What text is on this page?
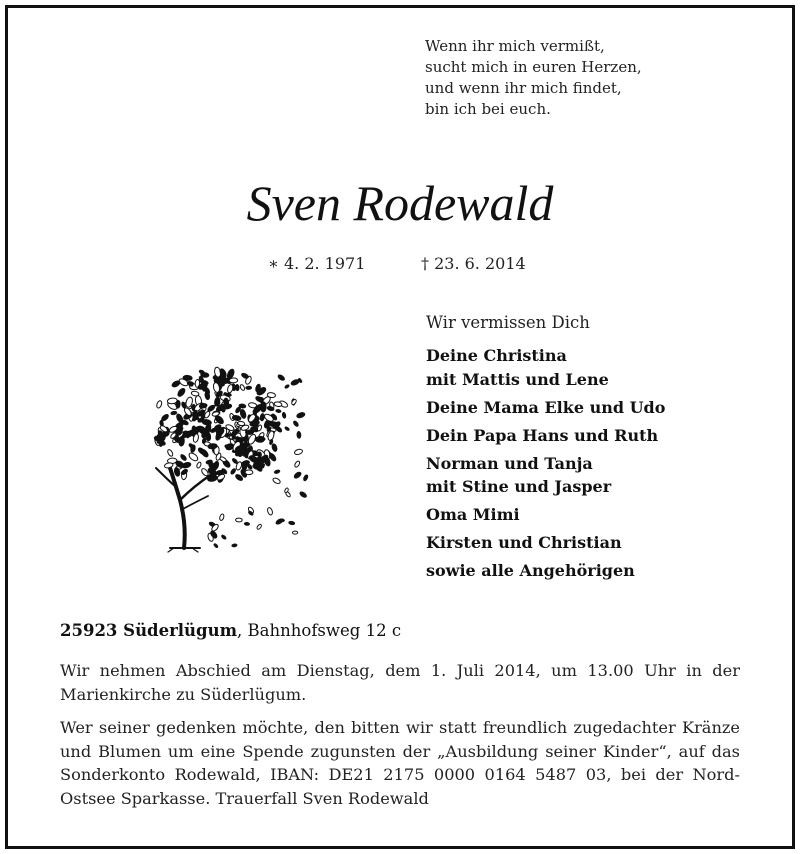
Wenn ihr mich vermißt,
sucht mich in euren Herzen,
und wenn ihr mich findet,
bin ich bei euch.
Sven Rodewald
∗ 4. 2. 1971	† 23. 6. 2014
Wir vermissen Dich
Deine Christina
mit Mattis und Lene
Deine Mama Elke und Udo
Dein Papa Hans und Ruth
Norman und Tanja
mit Stine und Jasper
Oma Mimi
Kirsten und Christian
sowie alle Angehörigen
25923 Süderlügum, Bahnhofsweg 12 c
Wir nehmen Abschied am Dienstag, dem 1. Juli 2014, um 13.00 Uhr in der Marienkirche zu Süderlügum.
Wer seiner gedenken möchte, den bitten wir statt freundlich zugedachter Kränze und Blumen um eine Spende zugunsten der „Ausbildung seiner Kinder“, auf das Sonderkonto Rodewald, IBAN: DE21 2175 0000 0164 5487 03, bei der Nord-Ostsee Sparkasse. Trauerfall Sven Rodewald
